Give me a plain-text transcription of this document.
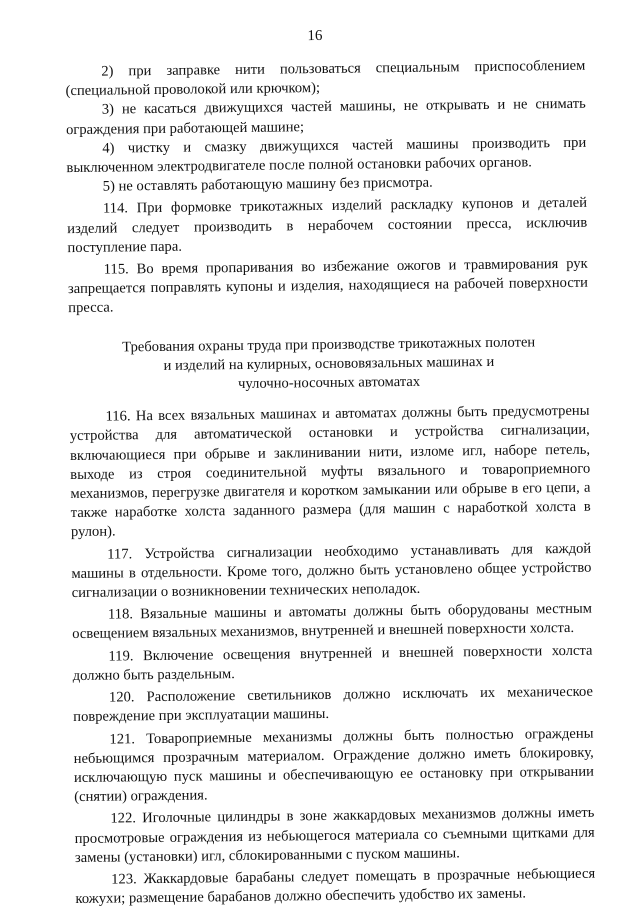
16

2) при заправке нити пользоваться специальным приспособлением (специальной проволокой или крючком);

3) не касаться движущихся частей машины, не открывать и не снимать ограждения при работающей машине;

4) чистку и смазку движущихся частей машины производить при выключенном электродвигателе после полной остановки рабочих органов.

5) не оставлять работающую машину без присмотра.

114. При формовке трикотажных изделий раскладку купонов и деталей изделий следует производить в нерабочем состоянии пресса, исключив поступление пара.

115. Во время пропаривания во избежание ожогов и травмирования рук запрещается поправлять купоны и изделия, находящиеся на рабочей поверхности пресса.

Требования охраны труда при производстве трикотажных полотен
и изделий на кулирных, основовязальных машинах и
чулочно-носочных автоматах

116. На всех вязальных машинах и автоматах должны быть предусмотрены устройства для автоматической остановки и устройства сигнализации, включающиеся при обрыве и заклинивании нити, изломе игл, наборе петель, выходе из строя соединительной муфты вязального и товароприемного механизмов, перегрузке двигателя и коротком замыкании или обрыве в его цепи, а также наработке холста заданного размера (для машин с наработкой холста в рулон).

117. Устройства сигнализации необходимо устанавливать для каждой машины в отдельности. Кроме того, должно быть установлено общее устройство сигнализации о возникновении технических неполадок.

118. Вязальные машины и автоматы должны быть оборудованы местным освещением вязальных механизмов, внутренней и внешней поверхности холста.

119. Включение освещения внутренней и внешней поверхности холста должно быть раздельным.

120. Расположение светильников должно исключать их механическое повреждение при эксплуатации машины.

121. Товароприемные механизмы должны быть полностью ограждены небьющимся прозрачным материалом. Ограждение должно иметь блокировку, исключающую пуск машины и обеспечивающую ее остановку при открывании (снятии) ограждения.

122. Иголочные цилиндры в зоне жаккардовых механизмов должны иметь просмотровые ограждения из небьющегося материала со съемными щитками для замены (установки) игл, сблокированными с пуском машины.

123. Жаккардовые барабаны следует помещать в прозрачные небьющиеся кожухи; размещение барабанов должно обеспечить удобство их замены.
